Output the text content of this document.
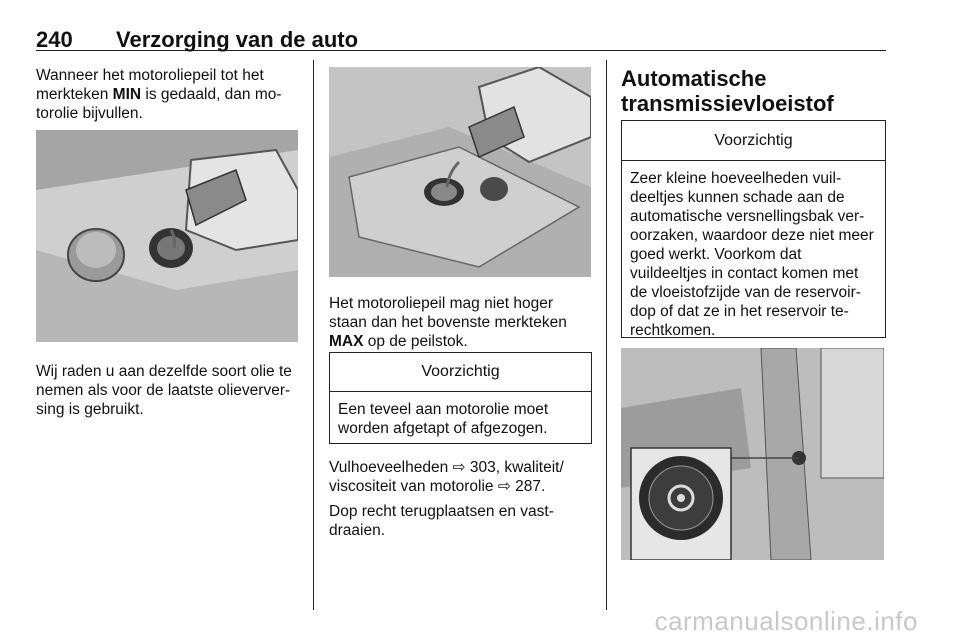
240 Verzorging van de auto

Wanneer het motoroliepeil tot het merkteken MIN is gedaald, dan mo-torolie bijvullen.

Wij raden u aan dezelfde soort olie te nemen als voor de laatste olieverver-sing is gebruikt.

Het motoroliepeil mag niet hoger staan dan het bovenste merkteken MAX op de peilstok.

Voorzichtig
Een teveel aan motorolie moet worden afgetapt of afgezogen.

Vulhoeveelheden ⇨ 303, kwaliteit/ viscositeit van motorolie ⇨ 287.

Dop recht terugplaatsen en vast-draaien.

Automatische transmissievloeistof
Voorzichtig
Zeer kleine hoeveelheden vuil-deeltjes kunnen schade aan de automatische versnellingsbak ver-oorzaken, waardoor deze niet meer goed werkt. Voorkom dat vuildeeltjes in contact komen met de vloeistofzijde van de reservoir-dop of dat ze in het reservoir te-rechtkomen.
carmanualsonline.info
